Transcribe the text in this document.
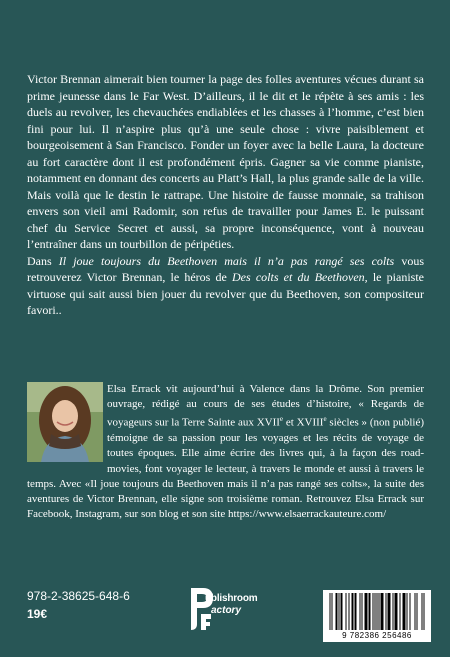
Victor Brennan aimerait bien tourner la page des folles aventures vécues durant sa prime jeunesse dans le Far West. D’ailleurs, il le dit et le répète à ses amis : les duels au revolver, les chevauchées endiablées et les chasses à l’homme, c’est bien fini pour lui. Il n’aspire plus qu’à une seule chose : vivre paisiblement et bourgeoisement à San Francisco. Fonder un foyer avec la belle Laura, la docteure au fort caractère dont il est profondément épris. Gagner sa vie comme pianiste, notamment en donnant des concerts au Platt’s Hall, la plus grande salle de la ville. Mais voilà que le destin le rattrape. Une histoire de fausse monnaie, sa trahison envers son vieil ami Radomir, son refus de travailler pour James E. le puissant chef du Service Secret et aussi, sa propre inconséquence, vont à nouveau l’entraîner dans un tourbillon de péripéties.

Dans Il joue toujours du Beethoven mais il n’a pas rangé ses colts vous retrouverez Victor Brennan, le héros de Des colts et du Beethoven, le pianiste virtuose qui sait aussi bien jouer du revolver que du Beethoven, son compositeur favori..

Elsa Errack vit aujourd’hui à Valence dans la Drôme. Son premier ouvrage, rédigé au cours de ses études d’histoire, « Regards de voyageurs sur la Terre Sainte aux XVIIe et XVIIIe siècles » (non publié) témoigne de sa passion pour les voyages et les récits de voyage de toutes époques. Elle aime écrire des livres qui, à la façon des road-movies, font voyager le lecteur, à travers le monde et aussi à travers le temps. Avec «Il joue toujours du Beethoven mais il n’a pas rangé ses colts», la suite des aventures de Victor Brennan, elle signe son troisième roman. Retrouvez Elsa Errack sur Facebook, Instagram, sur son blog et son site https://www.elsaerrackauteure.com/
978-2-38625-648-6
19€
ublishroom
actory
9 782386 256486
